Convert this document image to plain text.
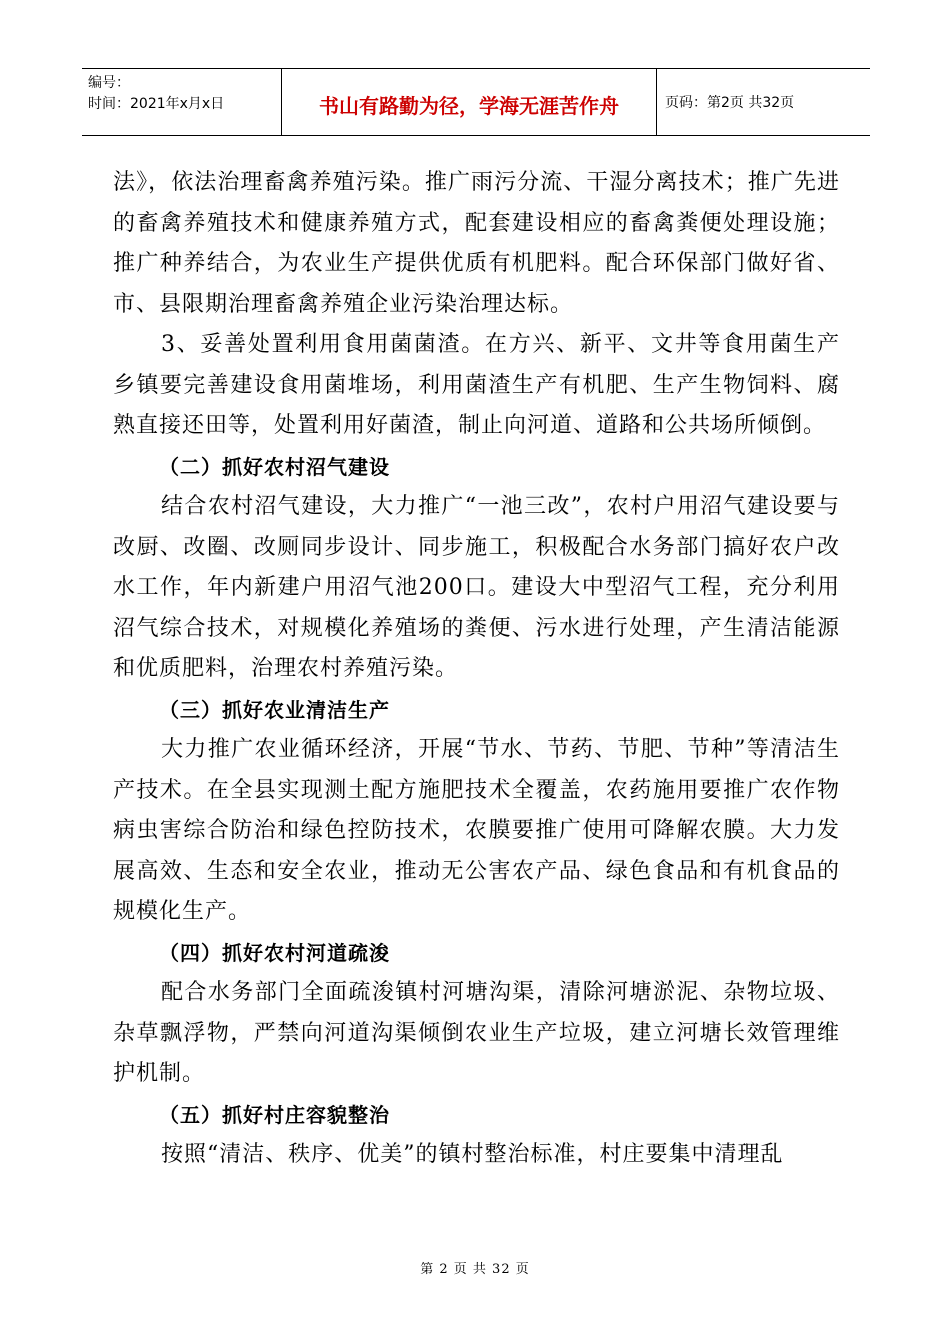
编号：
时间：2021年x月x日	书山有路勤为径，学海无涯苦作舟	页码：第2页 共32页

法》，依法治理畜禽养殖污染。推广雨污分流、干湿分离技术；推广先进的畜禽养殖技术和健康养殖方式，配套建设相应的畜禽粪便处理设施；推广种养结合，为农业生产提供优质有机肥料。配合环保部门做好省、市、县限期治理畜禽养殖企业污染治理达标。

3、妥善处置利用食用菌菌渣。在方兴、新平、文井等食用菌生产乡镇要完善建设食用菌堆场，利用菌渣生产有机肥、生产生物饲料、腐熟直接还田等，处置利用好菌渣，制止向河道、道路和公共场所倾倒。

（二）抓好农村沼气建设

结合农村沼气建设，大力推广“一池三改”，农村户用沼气建设要与改厨、改圈、改厕同步设计、同步施工，积极配合水务部门搞好农户改水工作，年内新建户用沼气池200口。建设大中型沼气工程，充分利用沼气综合技术，对规模化养殖场的粪便、污水进行处理，产生清洁能源和优质肥料，治理农村养殖污染。

（三）抓好农业清洁生产

大力推广农业循环经济，开展“节水、节药、节肥、节种”等清洁生产技术。在全县实现测土配方施肥技术全覆盖，农药施用要推广农作物病虫害综合防治和绿色控防技术，农膜要推广使用可降解农膜。大力发展高效、生态和安全农业，推动无公害农产品、绿色食品和有机食品的规模化生产。

（四）抓好农村河道疏浚

配合水务部门全面疏浚镇村河塘沟渠，清除河塘淤泥、杂物垃圾、杂草飘浮物，严禁向河道沟渠倾倒农业生产垃圾，建立河塘长效管理维护机制。

（五）抓好村庄容貌整治

按照“清洁、秩序、优美”的镇村整治标准，村庄要集中清理乱

第 2 页 共 32 页
